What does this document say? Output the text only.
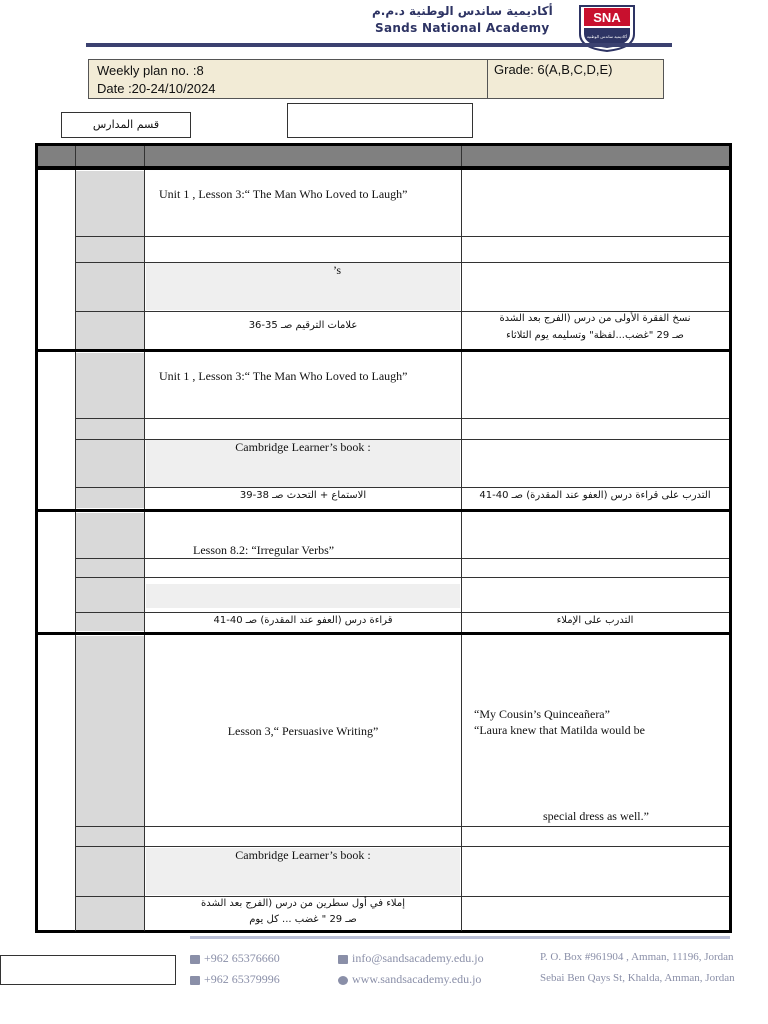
أكاديمية ساندس الوطنية د.م.م
Sands National Academy
SNA
أكاديمية ساندس الوطنية
Weekly plan no. :8
Date :20-24/10/2024
Grade: 6(A,B,C,D,E)
قسم المدارس
Unit 1 , Lesson 3:“ The Man Who Loved to Laugh”
’s
علامات الترقيم صـ 35-36
نسخ الفقرة الأولى من درس (الفرج بعد الشدة
صـ 29 "غضب...لفظة" وتسليمه يوم الثلاثاء
Unit 1 , Lesson 3:“ The Man Who Loved to Laugh”
Cambridge Learner’s book :
الاستماع + التحدث صـ 38-39	التدرب على قراءة درس (العفو عند المقدرة) صـ 40-41
Lesson 8.2: “Irregular Verbs”
قراءة درس (العفو عند المقدرة) صـ 40-41	التدرب على الإملاء
Lesson 3,“ Persuasive Writing”
“My Cousin’s Quinceañera”
“Laura knew that Matilda would be
special dress as well.”
Cambridge Learner’s book :
إملاء في أول سطرين من درس (الفرج بعد الشدة
صـ 29 " غضب ... كل يوم
+962 65376660
+962 65379996
info@sandsacademy.edu.jo
www.sandsacademy.edu.jo
P. O. Box #961904 , Amman, 11196, Jordan
Sebai Ben Qays St, Khalda, Amman, Jordan
